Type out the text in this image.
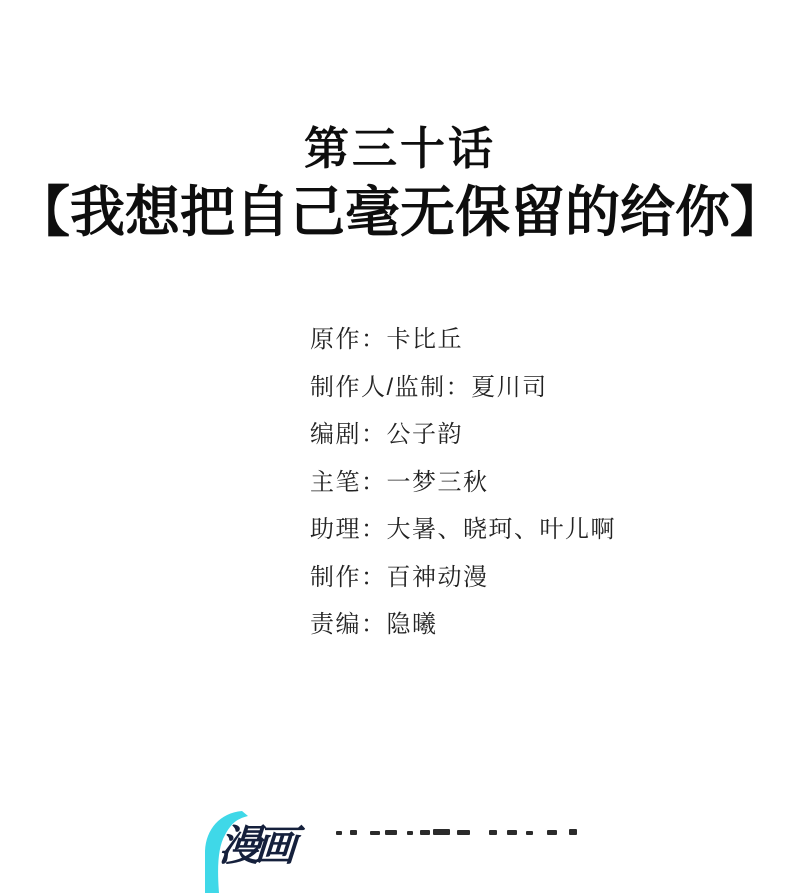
第三十话
【我想把自己毫无保留的给你】
原作：卡比丘
制作人/监制：夏川司
编剧：公子韵
主笔：一梦三秋
助理：大暑、晓珂、叶儿啊
制作：百神动漫
责编：隐曦
漫画
